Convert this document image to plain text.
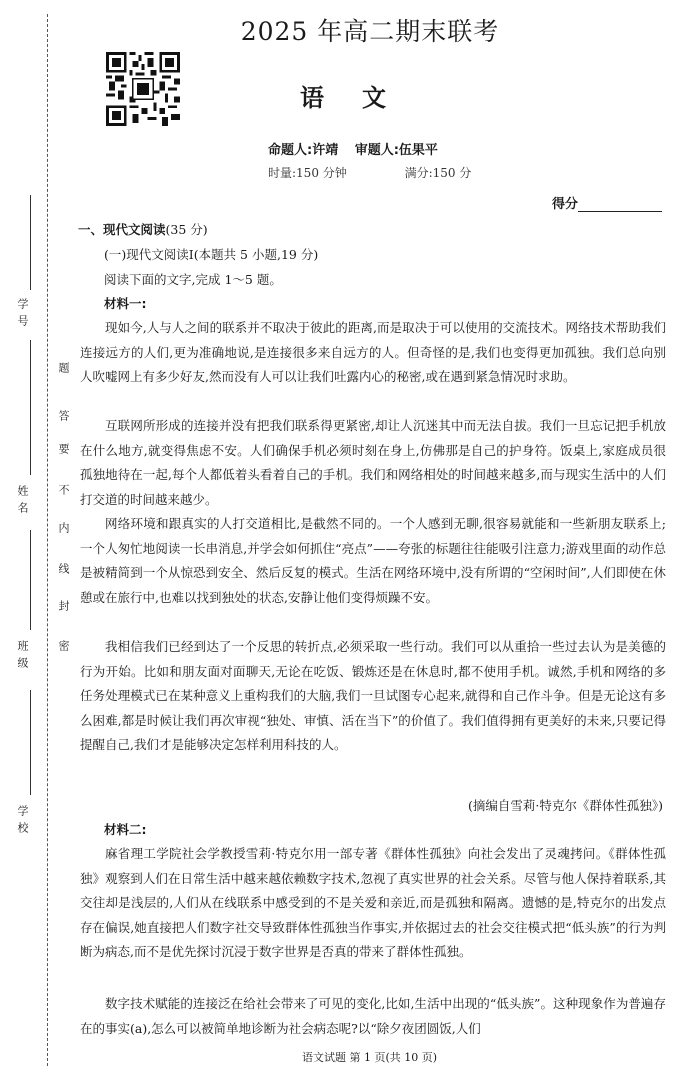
学号
姓名
班级
学校
题
答
要
不
内
线
封
密
2025 年高二期末联考
语文
命题人:许靖 审题人:伍果平
时量:150 分钟	满分:150 分
得分
一、现代文阅读(35 分)
(一)现代文阅读Ⅰ(本题共 5 小题,19 分)
阅读下面的文字,完成 1～5 题。
材料一:

现如今,人与人之间的联系并不取决于彼此的距离,而是取决于可以使用的交流技术。网络技术帮助我们连接远方的人们,更为准确地说,是连接很多来自远方的人。但奇怪的是,我们也变得更加孤独。我们总向别人吹嘘网上有多少好友,然而没有人可以让我们吐露内心的秘密,或在遇到紧急情况时求助。

互联网所形成的连接并没有把我们联系得更紧密,却让人沉迷其中而无法自拔。我们一旦忘记把手机放在什么地方,就变得焦虑不安。人们确保手机必须时刻在身上,仿佛那是自己的护身符。饭桌上,家庭成员很孤独地待在一起,每个人都低着头看着自己的手机。我们和网络相处的时间越来越多,而与现实生活中的人们打交道的时间越来越少。

网络环境和跟真实的人打交道相比,是截然不同的。一个人感到无聊,很容易就能和一些新朋友联系上;一个人匆忙地阅读一长串消息,并学会如何抓住“亮点”——夸张的标题往往能吸引注意力;游戏里面的动作总是被精简到一个从惊恐到安全、然后反复的模式。生活在网络环境中,没有所谓的“空闲时间”,人们即使在休憩或在旅行中,也难以找到独处的状态,安静让他们变得烦躁不安。

我相信我们已经到达了一个反思的转折点,必须采取一些行动。我们可以从重拾一些过去认为是美德的行为开始。比如和朋友面对面聊天,无论在吃饭、锻炼还是在休息时,都不使用手机。诚然,手机和网络的多任务处理模式已在某种意义上重构我们的大脑,我们一旦试图专心起来,就得和自己作斗争。但是无论这有多么困难,都是时候让我们再次审视“独处、审慎、活在当下”的价值了。我们值得拥有更美好的未来,只要记得提醒自己,我们才是能够决定怎样利用科技的人。

(摘编自雪莉·特克尔《群体性孤独》)
材料二:

麻省理工学院社会学教授雪莉·特克尔用一部专著《群体性孤独》向社会发出了灵魂拷问。《群体性孤独》观察到人们在日常生活中越来越依赖数字技术,忽视了真实世界的社会关系。尽管与他人保持着联系,其交往却是浅层的,人们从在线联系中感受到的不是关爱和亲近,而是孤独和隔离。遗憾的是,特克尔的出发点存在偏误,她直接把人们数字社交导致群体性孤独当作事实,并依据过去的社会交往模式把“低头族”的行为判断为病态,而不是优先探讨沉浸于数字世界是否真的带来了群体性孤独。

数字技术赋能的连接泛在给社会带来了可见的变化,比如,生活中出现的“低头族”。这种现象作为普遍存在的事实(a),怎么可以被简单地诊断为社会病态呢?以“除夕夜团圆饭,人们

语文试题 第 1 页(共 10 页)
